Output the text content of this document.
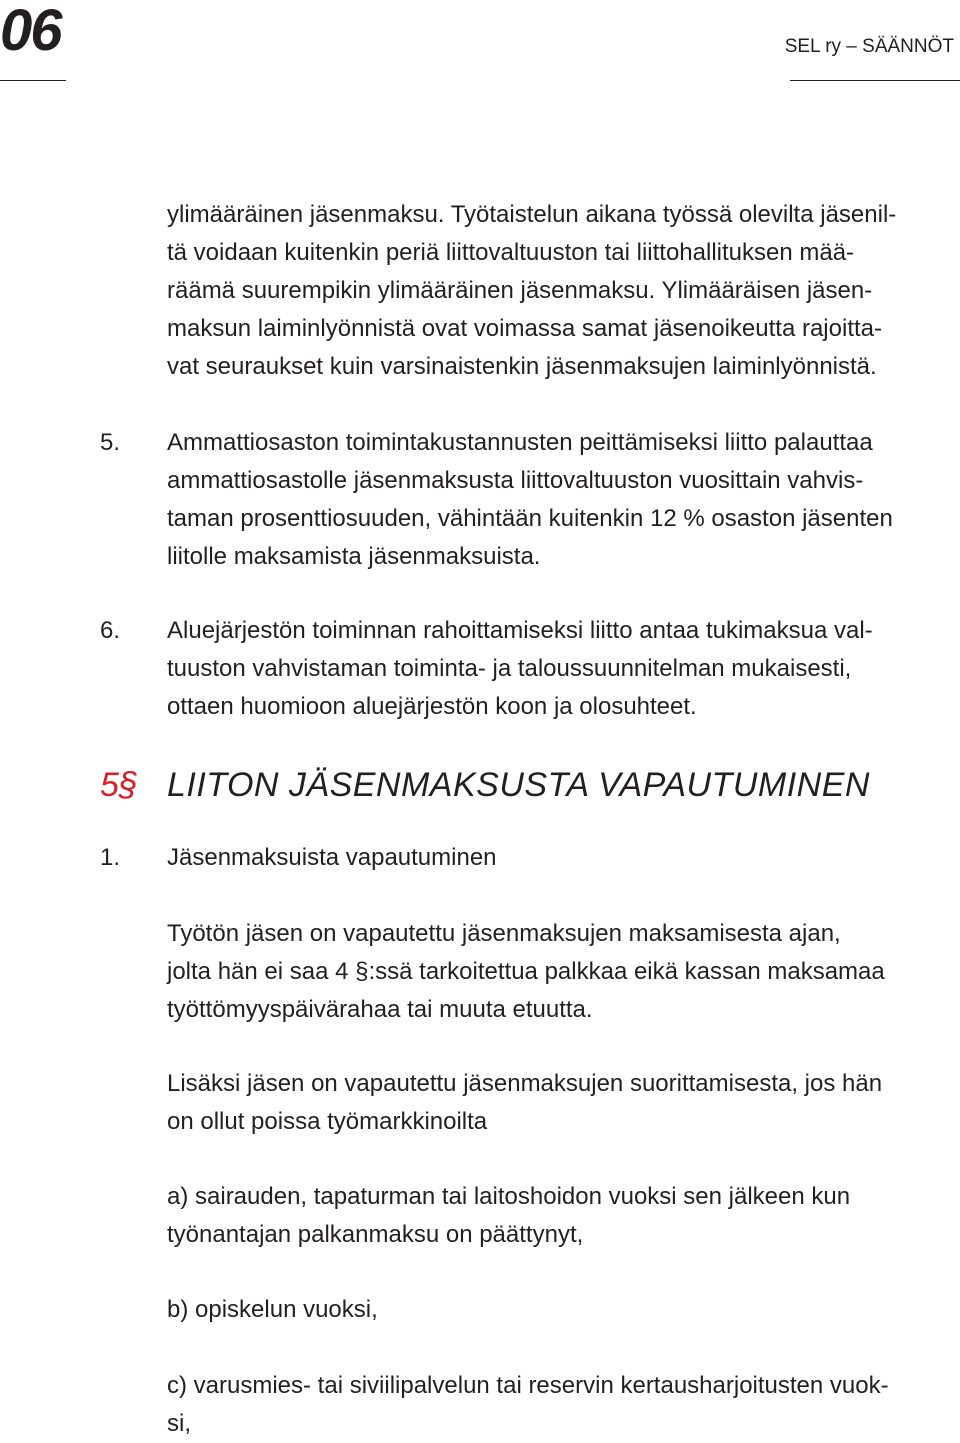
06	SEL ry – SÄÄNNÖT
ylimääräinen jäsenmaksu. Työtaistelun aikana työssä olevilta jäsenil-
tä voidaan kuitenkin periä liittovaltuuston tai liittohallituksen mää-
räämä suurempikin ylimääräinen jäsenmaksu. Ylimääräisen jäsen-
maksun laiminlyönnistä ovat voimassa samat jäsenoikeutta rajoitta-
vat seuraukset kuin varsinaistenkin jäsenmaksujen laiminlyönnistä.
5. Ammattiosaston toimintakustannusten peittämiseksi liitto palauttaa
ammattiosastolle jäsenmaksusta liittovaltuuston vuosittain vahvis-
taman prosenttiosuuden, vähintään kuitenkin 12 % osaston jäsenten
liitolle maksamista jäsenmaksuista.
6. Aluejärjestön toiminnan rahoittamiseksi liitto antaa tukimaksua val-
tuuston vahvistaman toiminta- ja taloussuunnitelman mukaisesti,
ottaen huomioon aluejärjestön koon ja olosuhteet.
5§ LIITON JÄSENMAKSUSTA VAPAUTUMINEN
1. Jäsenmaksuista vapautuminen
Työtön jäsen on vapautettu jäsenmaksujen maksamisesta ajan,
jolta hän ei saa 4 §:ssä tarkoitettua palkkaa eikä kassan maksamaa
työttömyyspäivärahaa tai muuta etuutta.
Lisäksi jäsen on vapautettu jäsenmaksujen suorittamisesta, jos hän
on ollut poissa työmarkkinoilta
a) sairauden, tapaturman tai laitoshoidon vuoksi sen jälkeen kun
työnantajan palkanmaksu on päättynyt,
b) opiskelun vuoksi,
c) varusmies- tai siviilipalvelun tai reservin kertausharjoitusten vuok-
si,
